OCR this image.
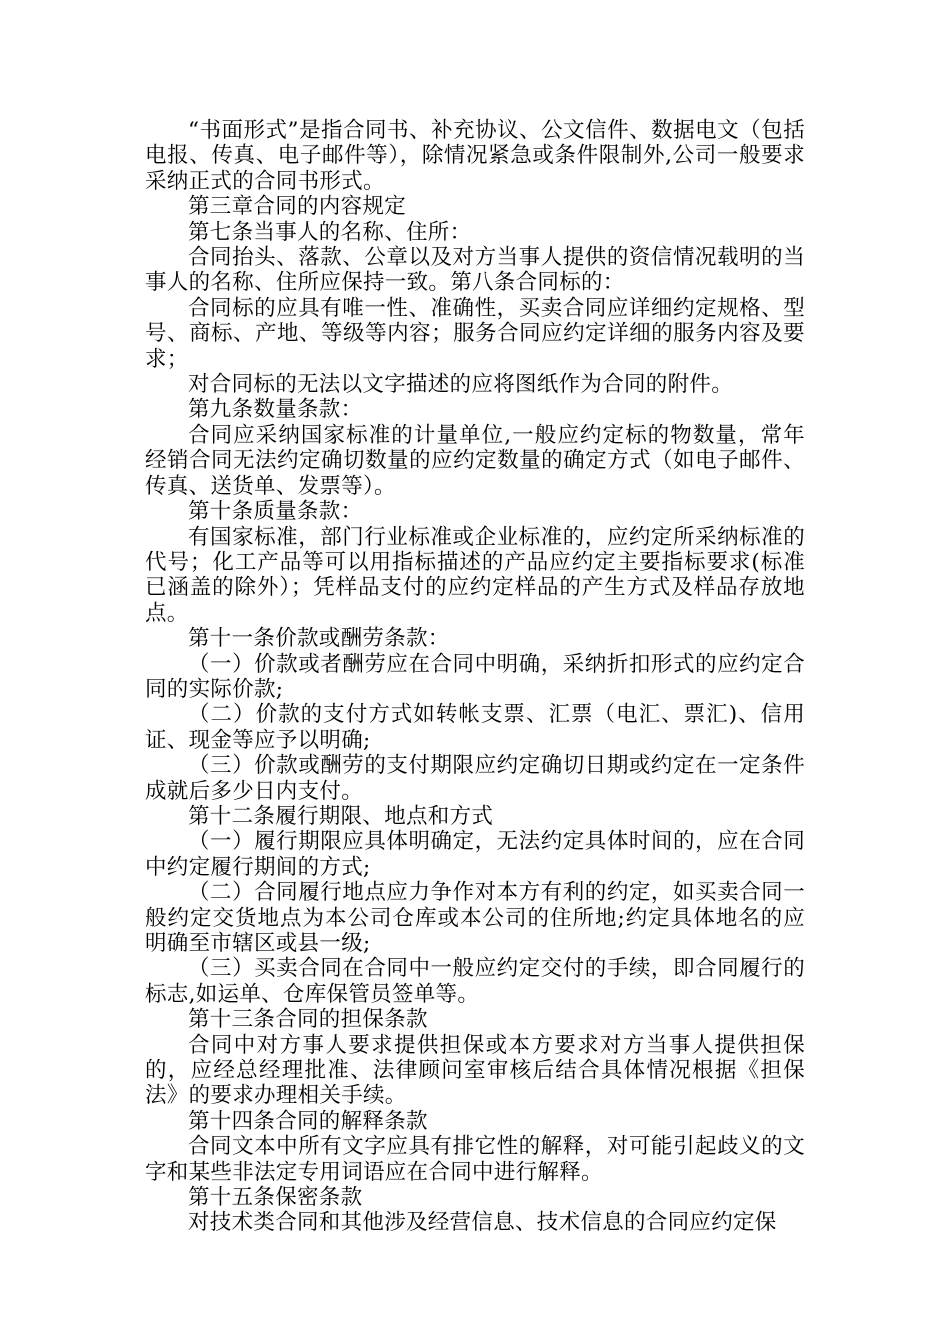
“书面形式”是指合同书、补充协议、公文信件、数据电文（包括电报、传真、电子邮件等），除情况紧急或条件限制外,公司一般要求采纳正式的合同书形式。

第三章合同的内容规定

第七条当事人的名称、住所：

合同抬头、落款、公章以及对方当事人提供的资信情况载明的当事人的名称、住所应保持一致。第八条合同标的：

合同标的应具有唯一性、准确性，买卖合同应详细约定规格、型号、商标、产地、等级等内容；服务合同应约定详细的服务内容及要求；

对合同标的无法以文字描述的应将图纸作为合同的附件。

第九条数量条款：

合同应采纳国家标准的计量单位,一般应约定标的物数量，常年经销合同无法约定确切数量的应约定数量的确定方式（如电子邮件、传真、送货单、发票等）。

第十条质量条款：

有国家标准，部门行业标准或企业标准的，应约定所采纳标准的代号；化工产品等可以用指标描述的产品应约定主要指标要求(标准已涵盖的除外）；凭样品支付的应约定样品的产生方式及样品存放地点。

第十一条价款或酬劳条款：

（一）价款或者酬劳应在合同中明确，采纳折扣形式的应约定合同的实际价款;

（二）价款的支付方式如转帐支票、汇票（电汇、票汇)、信用证、现金等应予以明确;

（三）价款或酬劳的支付期限应约定确切日期或约定在一定条件成就后多少日内支付。

第十二条履行期限、地点和方式

（一）履行期限应具体明确定，无法约定具体时间的，应在合同中约定履行期间的方式;

（二）合同履行地点应力争作对本方有利的约定，如买卖合同一般约定交货地点为本公司仓库或本公司的住所地;约定具体地名的应明确至市辖区或县一级;

（三）买卖合同在合同中一般应约定交付的手续，即合同履行的标志,如运单、仓库保管员签单等。

第十三条合同的担保条款

合同中对方事人要求提供担保或本方要求对方当事人提供担保的，应经总经理批准、法律顾问室审核后结合具体情况根据《担保法》的要求办理相关手续。

第十四条合同的解释条款

合同文本中所有文字应具有排它性的解释，对可能引起歧义的文字和某些非法定专用词语应在合同中进行解释。

第十五条保密条款

对技术类合同和其他涉及经营信息、技术信息的合同应约定保
